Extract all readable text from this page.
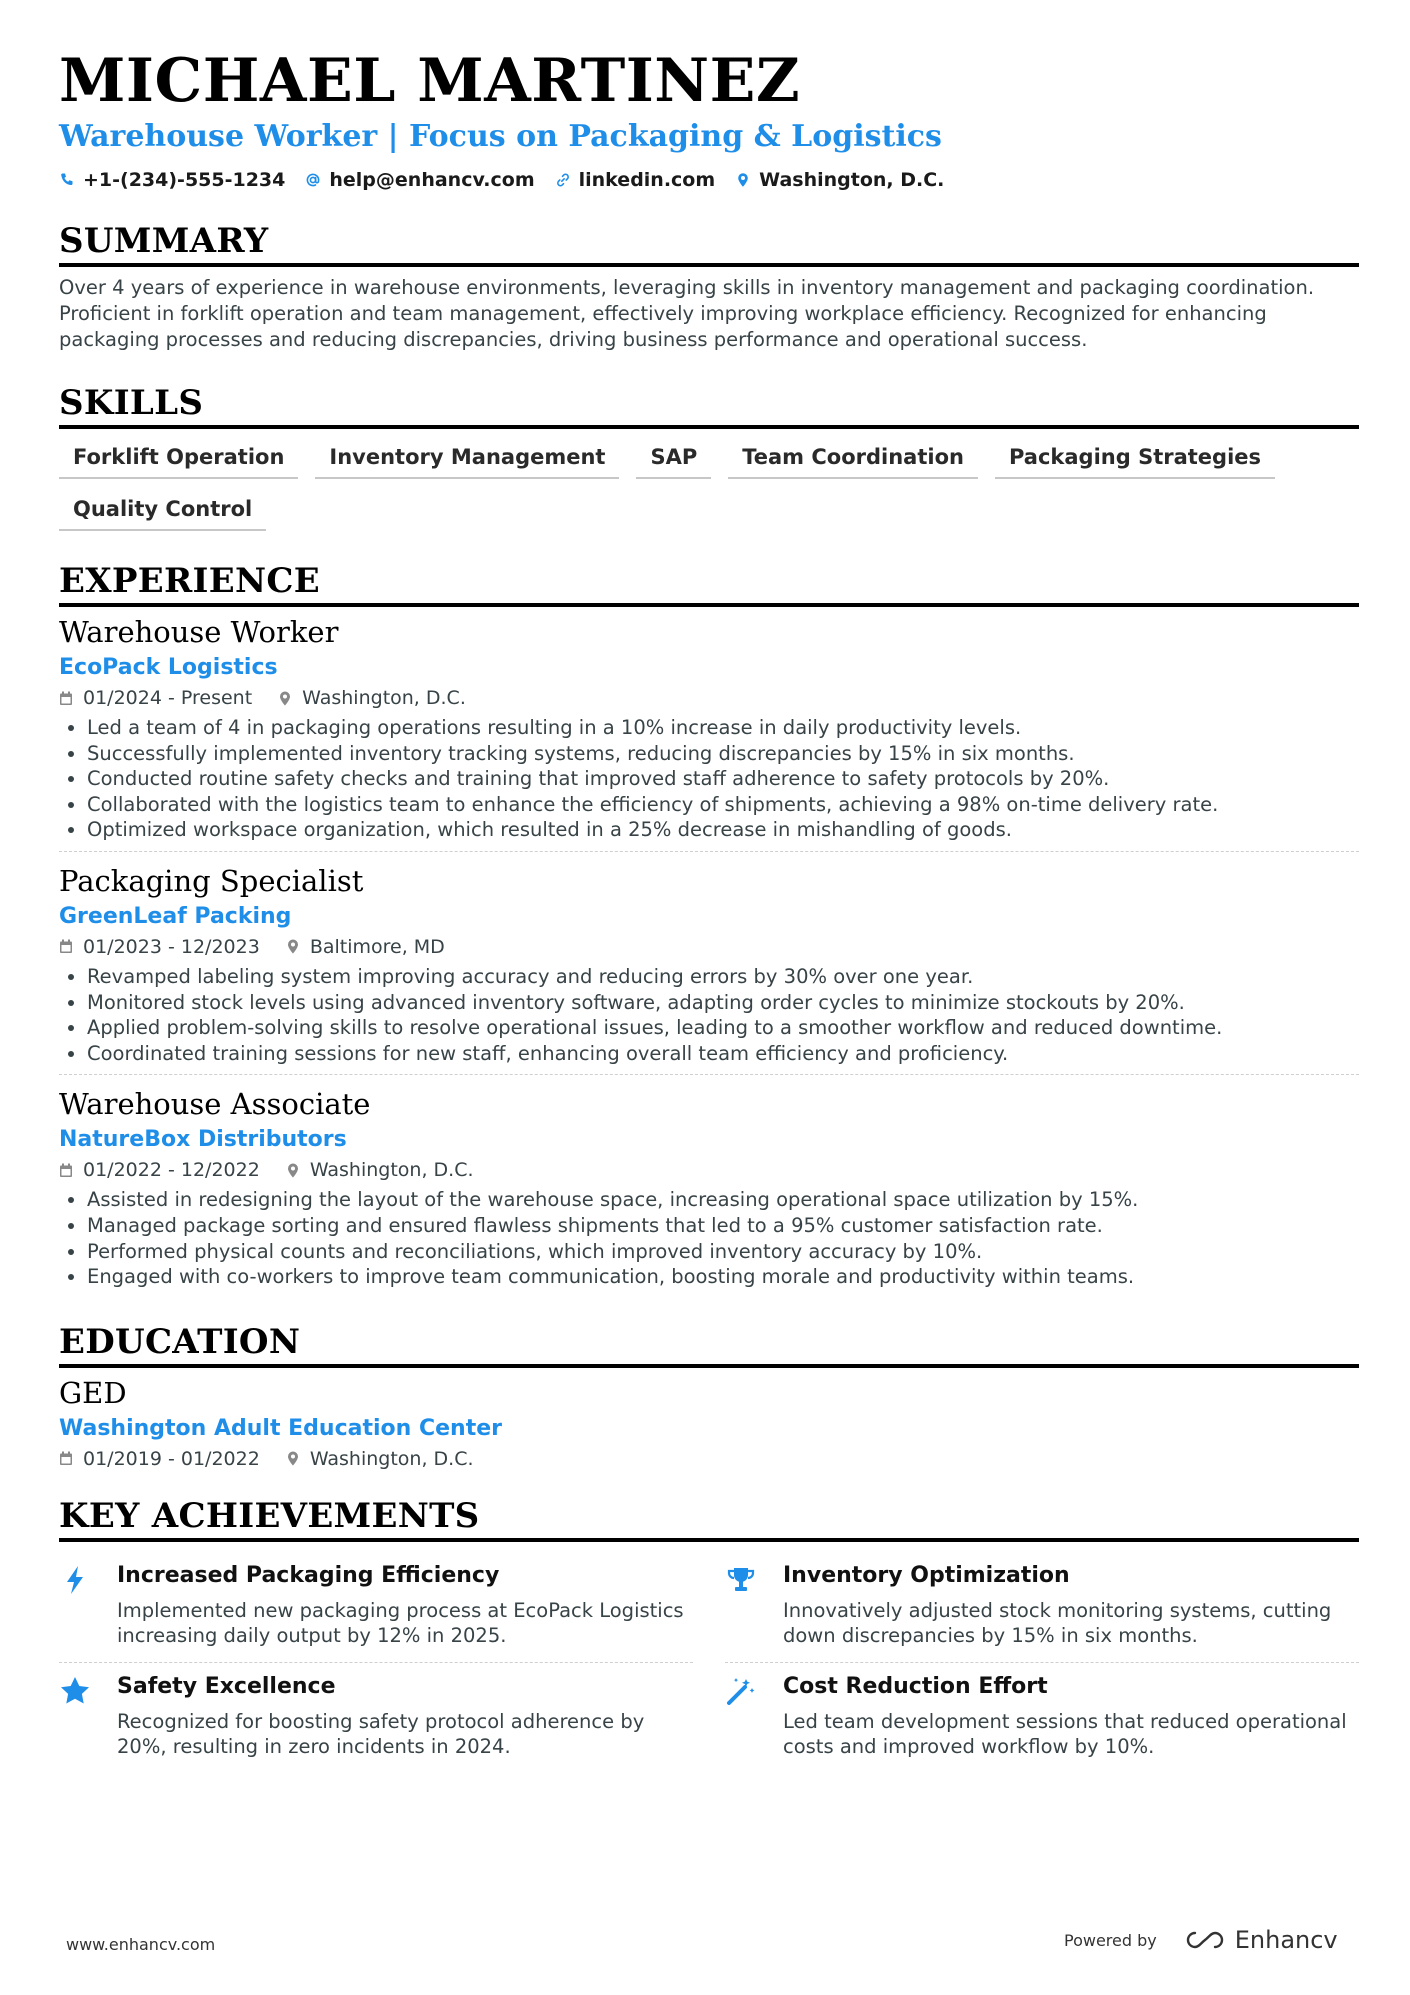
MICHAEL MARTINEZ
Warehouse Worker | Focus on Packaging & Logistics
+1-(234)-555-1234 help@enhancv.com linkedin.com Washington, D.C.
SUMMARY
Over 4 years of experience in warehouse environments, leveraging skills in inventory management and packaging coordination. Proficient in forklift operation and team management, effectively improving workplace efficiency. Recognized for enhancing packaging processes and reducing discrepancies, driving business performance and operational success.
SKILLS
Forklift Operation	Inventory Management	SAP	Team Coordination	Packaging Strategies
Quality Control
EXPERIENCE
Warehouse Worker
EcoPack Logistics
01/2024 - Present	Washington, D.C.
• Led a team of 4 in packaging operations resulting in a 10% increase in daily productivity levels.
• Successfully implemented inventory tracking systems, reducing discrepancies by 15% in six months.
• Conducted routine safety checks and training that improved staff adherence to safety protocols by 20%.
• Collaborated with the logistics team to enhance the efficiency of shipments, achieving a 98% on-time delivery rate.
• Optimized workspace organization, which resulted in a 25% decrease in mishandling of goods.
Packaging Specialist
GreenLeaf Packing
01/2023 - 12/2023	Baltimore, MD
• Revamped labeling system improving accuracy and reducing errors by 30% over one year.
• Monitored stock levels using advanced inventory software, adapting order cycles to minimize stockouts by 20%.
• Applied problem-solving skills to resolve operational issues, leading to a smoother workflow and reduced downtime.
• Coordinated training sessions for new staff, enhancing overall team efficiency and proficiency.
Warehouse Associate
NatureBox Distributors
01/2022 - 12/2022	Washington, D.C.
• Assisted in redesigning the layout of the warehouse space, increasing operational space utilization by 15%.
• Managed package sorting and ensured flawless shipments that led to a 95% customer satisfaction rate.
• Performed physical counts and reconciliations, which improved inventory accuracy by 10%.
• Engaged with co-workers to improve team communication, boosting morale and productivity within teams.
EDUCATION
GED
Washington Adult Education Center
01/2019 - 01/2022	Washington, D.C.
KEY ACHIEVEMENTS
Increased Packaging Efficiency
Implemented new packaging process at EcoPack Logistics increasing daily output by 12% in 2025.
Inventory Optimization
Innovatively adjusted stock monitoring systems, cutting down discrepancies by 15% in six months.
Safety Excellence
Recognized for boosting safety protocol adherence by 20%, resulting in zero incidents in 2024.
Cost Reduction Effort
Led team development sessions that reduced operational costs and improved workflow by 10%.
www.enhancv.com	Powered by	Enhancv
